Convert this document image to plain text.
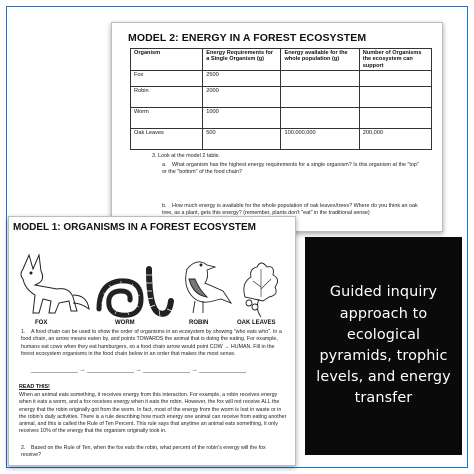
MODEL 2: ENERGY IN A FOREST ECOSYSTEM
Organism	Energy Requirements for a Single Organism (g)	Energy available for the whole population (g)	Number of Organisms the ecosystem can support
Fox	2500		
Robin	2000		
Worm	1000		
Oak Leaves	500	100,000,000	200,000
3. Look at the model 2 table.
a. What organism has the highest energy requirements for a single organism? Is this organism at the "top" or the "bottom" of the food chain?
b. How much energy is available for the whole population of oak leaves/trees? Where do you think an oak tree, as a plant, gets this energy? (remember, plants don't "eat" in the traditional sense)
MODEL 1: ORGANISMS IN A FOREST ECOSYSTEM
FOX	WORM	ROBIN	OAK LEAVES
1. A food chain can be used to show the order of organisms in an ecosystem by showing "who eats who". In a food chain, an arrow means eaten by, and points TOWARDS the animal that is doing the eating. For example, humans eat cows when they eat hamburgers, so a food chain arrow would point COW → HUMAN. Fill in the forest ecosystem organisms in the food chain below in an order that makes the most sense.
______________ → ______________ → ______________ → ______________
READ THIS!
When an animal eats something, it receives energy from this interaction. For example, a robin receives energy when it eats a worm, and a fox receives energy when it eats the robin. However, the fox will not receive ALL the energy that the robin originally got from the worm. In fact, most of the energy from the worm is lost in waste or in the robin's daily activities. There is a rule describing how much energy one animal can receive from eating another animal, and this is called the Rule of Ten Percent. This rule says that anytime an animal eats something, it only receives 10% of the energy that the organism originally took in.
2. Based on the Rule of Ten, when the fox eats the robin, what percent of the robin's energy will the fox receive?
Guided inquiry approach to ecological pyramids, trophic levels, and energy transfer
